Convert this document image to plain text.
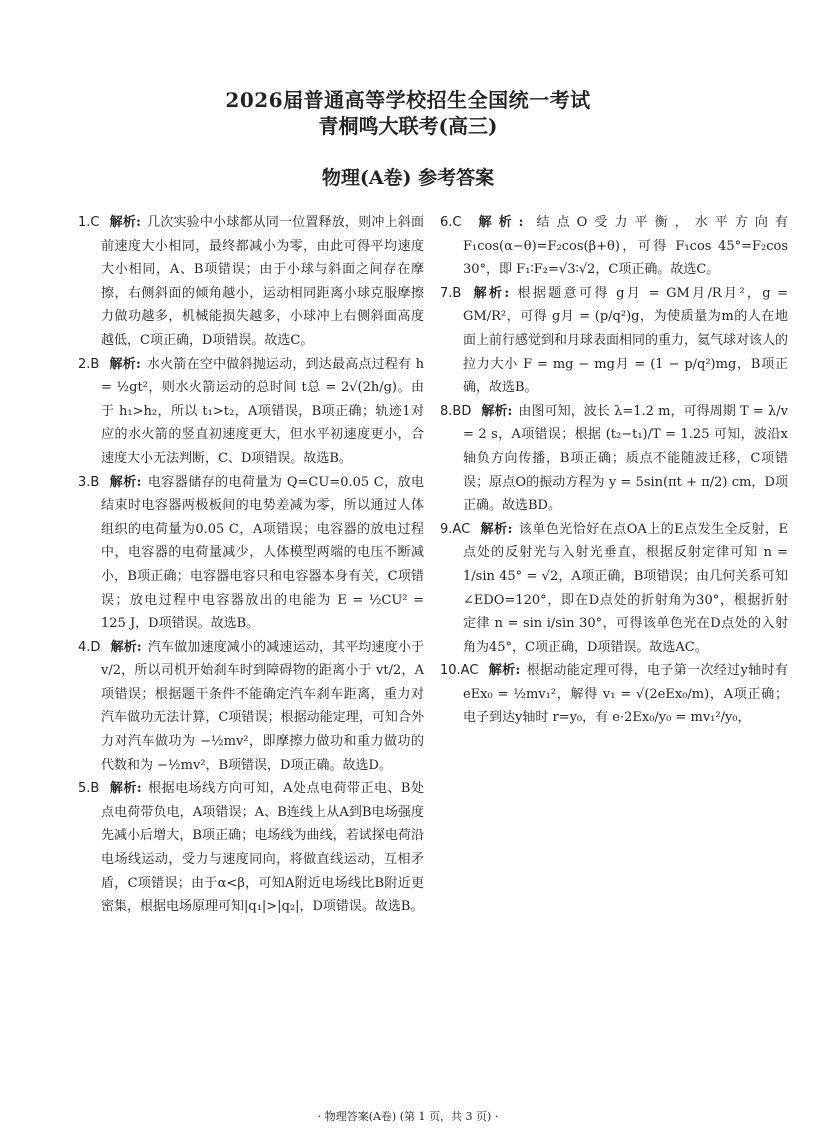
2026届普通高等学校招生全国统一考试
青桐鸣大联考(高三)
物理(A卷) 参考答案
1.C 解析: 几次实验中小球都从同一位置释放，则冲上斜面前速度大小相同，最终都减小为零，由此可得平均速度大小相同，A、B项错误；由于小球与斜面之间存在摩擦，右侧斜面的倾角越小，运动相同距离小球克服摩擦力做功越多，机械能损失越多，小球冲上右侧斜面高度越低，C项正确，D项错误。故选C。
2.B 解析: 水火箭在空中做斜抛运动，到达最高点过程有 h = ½gt²，则水火箭运动的总时间 t总 = 2√(2h/g)。由于 h₁>h₂，所以 t₁>t₂，A项错误，B项正确；轨迹1对应的水火箭的竖直初速度更大，但水平初速度更小，合速度大小无法判断，C、D项错误。故选B。
3.B 解析: 电容器储存的电荷量为 Q=CU=0.05 C，放电结束时电容器两极板间的电势差减为零，所以通过人体组织的电荷量为0.05 C，A项错误；电容器的放电过程中，电容器的电荷量减少，人体模型两端的电压不断减小，B项正确；电容器电容只和电容器本身有关，C项错误；放电过程中电容器放出的电能为 E = ½CU² = 125 J，D项错误。故选B。
4.D 解析: 汽车做加速度减小的减速运动，其平均速度小于 v/2，所以司机开始刹车时到障碍物的距离小于 vt/2，A项错误；根据题干条件不能确定汽车刹车距离，重力对汽车做功无法计算，C项错误；根据动能定理，可知合外力对汽车做功为 −½mv²，即摩擦力做功和重力做功的代数和为 −½mv²，B项错误，D项正确。故选D。
5.B 解析: 根据电场线方向可知，A处点电荷带正电、B处点电荷带负电，A项错误；A、B连线上从A到B电场强度先减小后增大，B项正确；电场线为曲线，若试探电荷沿电场线运动，受力与速度同向，将做直线运动，互相矛盾，C项错误；由于α<β，可知A附近电场线比B附近更密集，根据电场原理可知|q₁|>|q₂|，D项错误。故选B。
6.C 解析: 结点O受力平衡，水平方向有 F₁cos(α−θ)=F₂cos(β+θ)，可得 F₁cos 45°=F₂cos 30°，即 F₁∶F₂=√3∶√2，C项正确。故选C。
7.B 解析: 根据题意可得 g月 = GM月/R月²，g = GM/R²，可得 g月 = (p/q²)g，为使质量为m的人在地面上前行感觉到和月球表面相同的重力，氦气球对该人的拉力大小 F = mg − mg月 = (1 − p/q²)mg，B项正确，故选B。
8.BD 解析: 由图可知，波长 λ=1.2 m，可得周期 T = λ/v = 2 s，A项错误；根据 (t₂−t₁)/T = 1.25 可知，波沿x轴负方向传播，B项正确；质点不能随波迁移，C项错误；原点O的振动方程为 y = 5sin(πt + π/2) cm，D项正确。故选BD。
9.AC 解析: 该单色光恰好在点OA上的E点发生全反射，E点处的反射光与入射光垂直，根据反射定律可知 n = 1/sin 45° = √2，A项正确，B项错误；由几何关系可知∠EDO=120°，即在D点处的折射角为30°，根据折射定律 n = sin i/sin 30°，可得该单色光在D点处的入射角为45°，C项正确，D项错误。故选AC。
10.AC 解析: 根据动能定理可得，电子第一次经过y轴时有 eEx₀ = ½mv₁²，解得 v₁ = √(2eEx₀/m)，A项正确；电子到达y轴时 r=y₀，有 e·2Ex₀/y₀ = mv₁²/y₀，
· 物理答案(A卷) (第 1 页，共 3 页) ·
